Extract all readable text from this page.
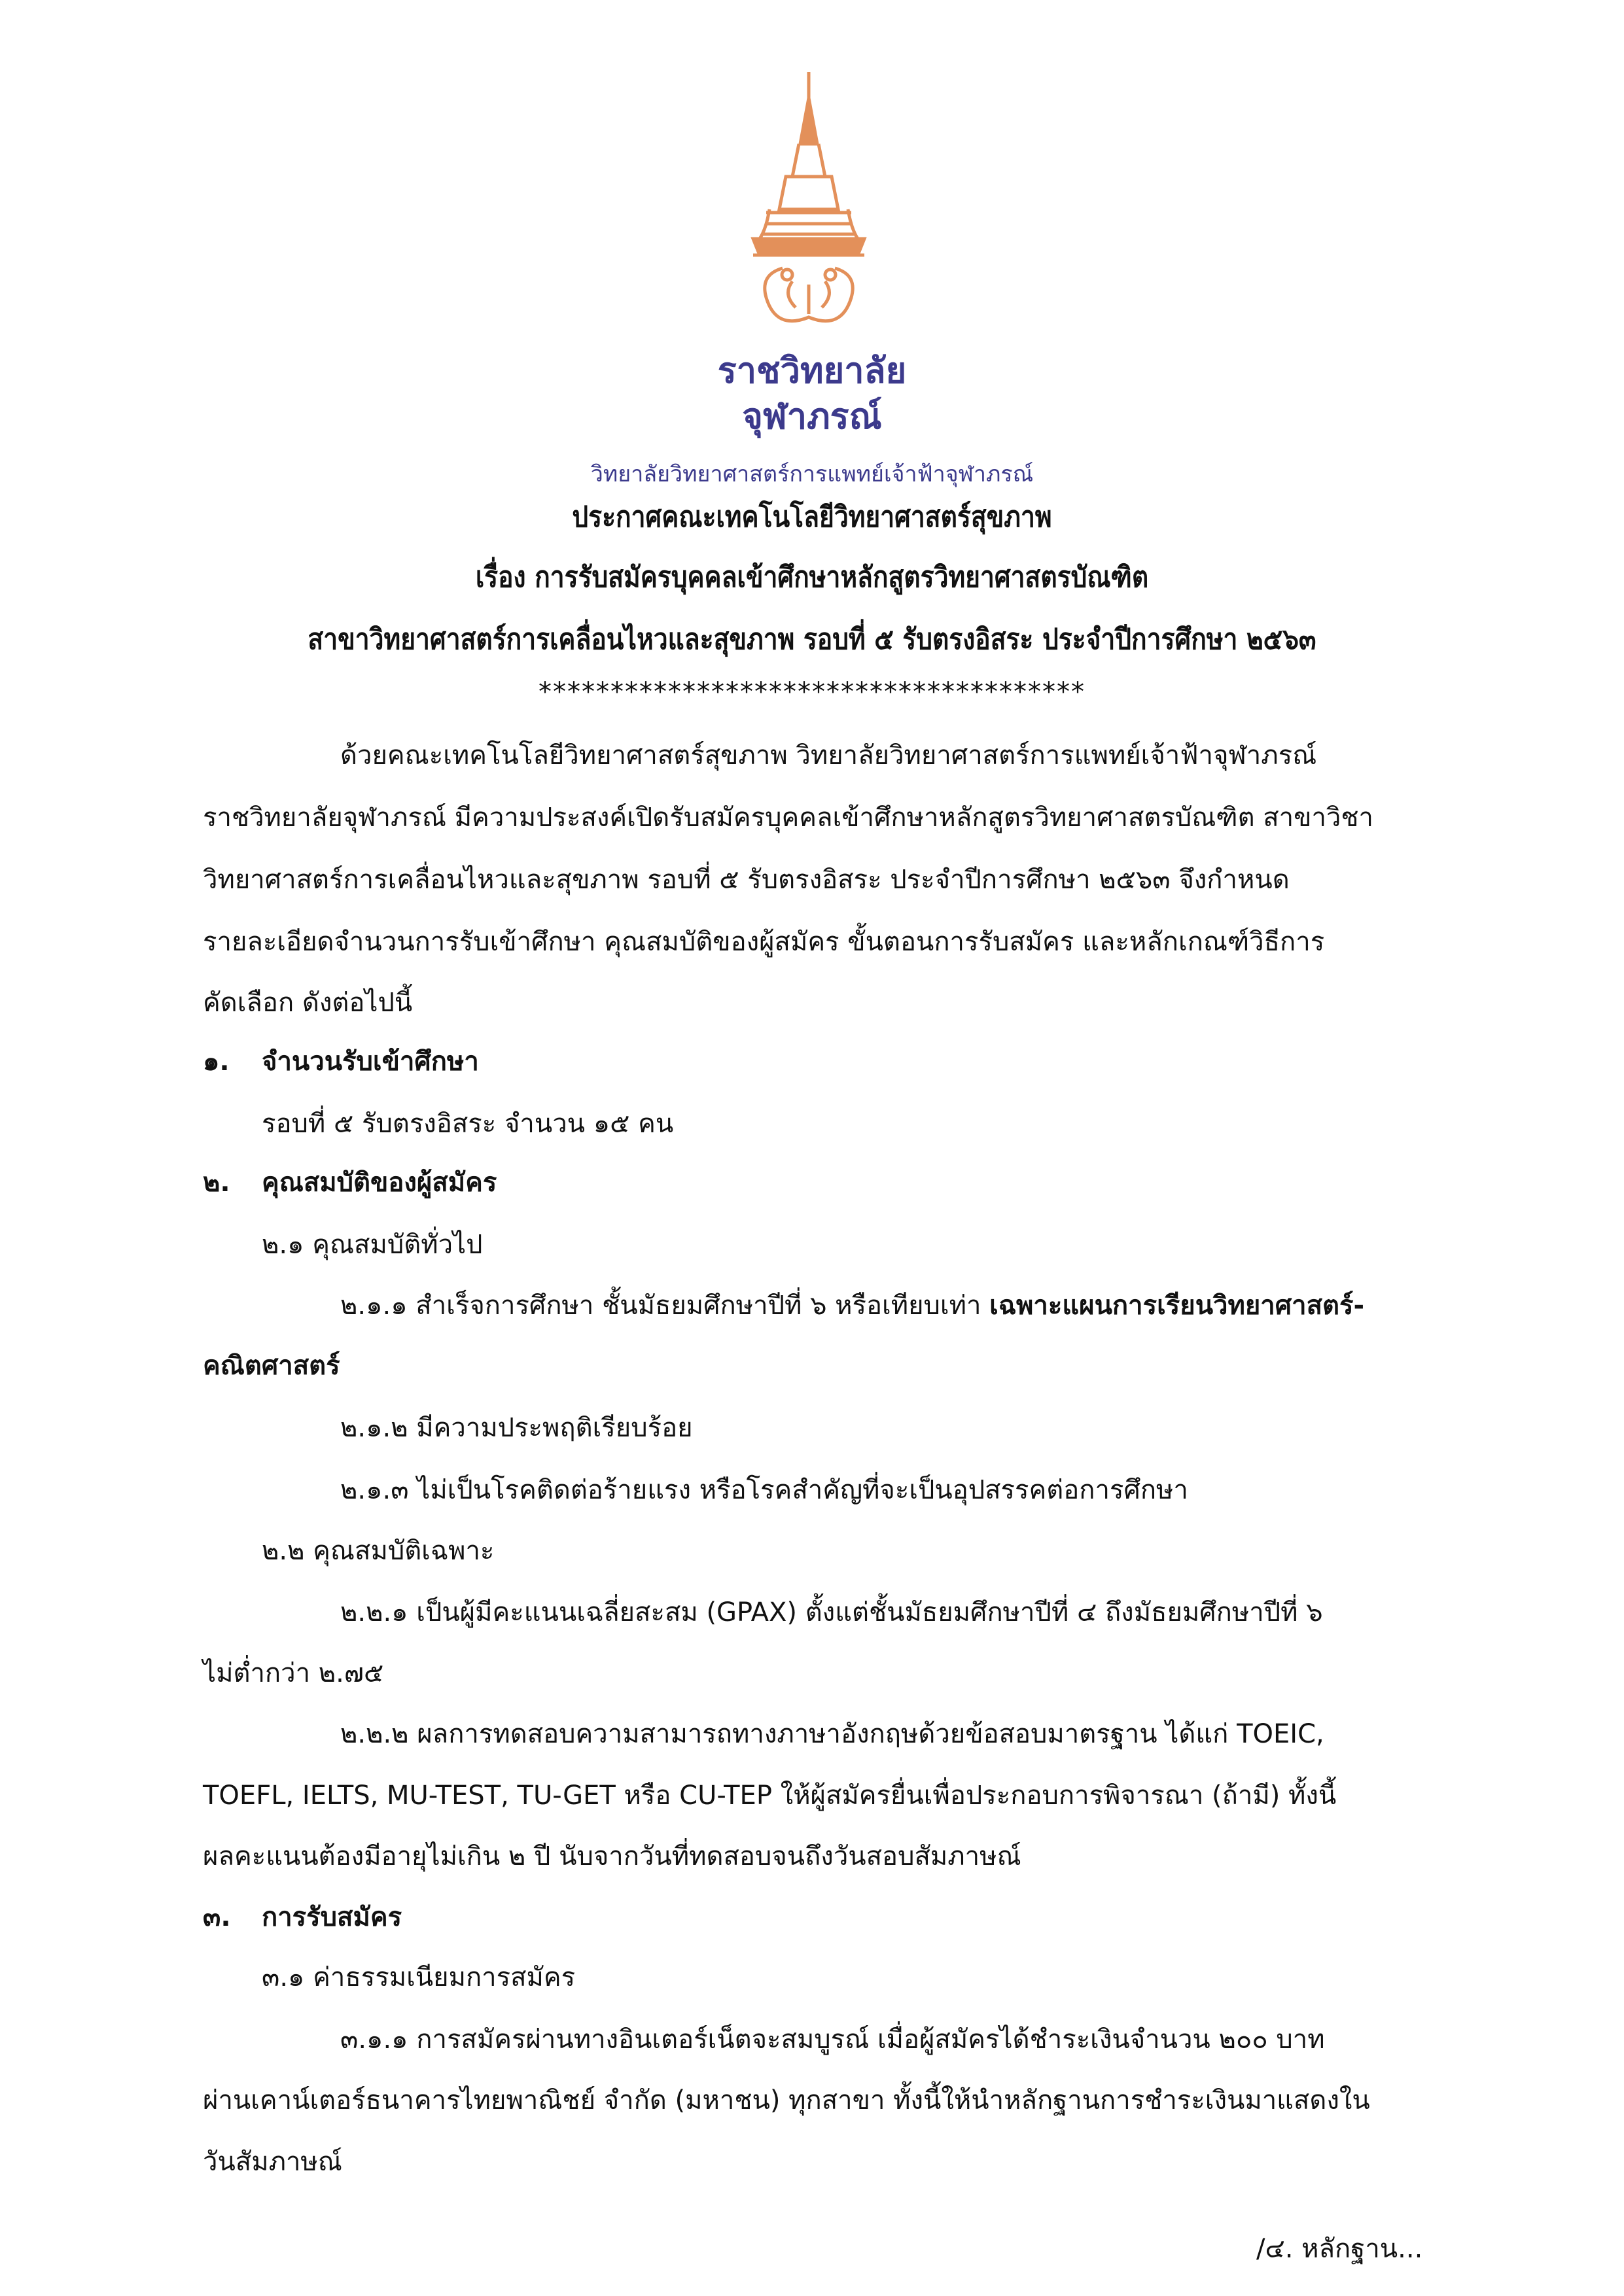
ราชวิทยาลัย
จุฬาภรณ์
วิทยาลัยวิทยาศาสตร์การแพทย์เจ้าฟ้าจุฬาภรณ์
ประกาศคณะเทคโนโลยีวิทยาศาสตร์สุขภาพ
เรื่อง การรับสมัครบุคคลเข้าศึกษาหลักสูตรวิทยาศาสตรบัณฑิต
สาขาวิทยาศาสตร์การเคลื่อนไหวและสุขภาพ รอบที่ ๕ รับตรงอิสระ ประจำปีการศึกษา ๒๕๖๓
**************************************
ด้วยคณะเทคโนโลยีวิทยาศาสตร์สุขภาพ วิทยาลัยวิทยาศาสตร์การแพทย์เจ้าฟ้าจุฬาภรณ์
ราชวิทยาลัยจุฬาภรณ์ มีความประสงค์เปิดรับสมัครบุคคลเข้าศึกษาหลักสูตรวิทยาศาสตรบัณฑิต สาขาวิชา
วิทยาศาสตร์การเคลื่อนไหวและสุขภาพ รอบที่ ๕ รับตรงอิสระ ประจำปีการศึกษา ๒๕๖๓ จึงกำหนด
รายละเอียดจำนวนการรับเข้าศึกษา คุณสมบัติของผู้สมัคร ขั้นตอนการรับสมัคร และหลักเกณฑ์วิธีการ
คัดเลือก ดังต่อไปนี้
๑. จำนวนรับเข้าศึกษา
รอบที่ ๕ รับตรงอิสระ จำนวน ๑๕ คน
๒. คุณสมบัติของผู้สมัคร
๒.๑ คุณสมบัติทั่วไป
๒.๑.๑ สำเร็จการศึกษา ชั้นมัธยมศึกษาปีที่ ๖ หรือเทียบเท่า เฉพาะแผนการเรียนวิทยาศาสตร์-
คณิตศาสตร์
๒.๑.๒ มีความประพฤติเรียบร้อย
๒.๑.๓ ไม่เป็นโรคติดต่อร้ายแรง หรือโรคสำคัญที่จะเป็นอุปสรรคต่อการศึกษา
๒.๒ คุณสมบัติเฉพาะ
๒.๒.๑ เป็นผู้มีคะแนนเฉลี่ยสะสม (GPAX) ตั้งแต่ชั้นมัธยมศึกษาปีที่ ๔ ถึงมัธยมศึกษาปีที่ ๖
ไม่ต่ำกว่า ๒.๗๕
๒.๒.๒ ผลการทดสอบความสามารถทางภาษาอังกฤษด้วยข้อสอบมาตรฐาน ได้แก่ TOEIC,
TOEFL, IELTS, MU-TEST, TU-GET หรือ CU-TEP ให้ผู้สมัครยื่นเพื่อประกอบการพิจารณา (ถ้ามี) ทั้งนี้
ผลคะแนนต้องมีอายุไม่เกิน ๒ ปี นับจากวันที่ทดสอบจนถึงวันสอบสัมภาษณ์
๓. การรับสมัคร
๓.๑ ค่าธรรมเนียมการสมัคร
๓.๑.๑ การสมัครผ่านทางอินเตอร์เน็ตจะสมบูรณ์ เมื่อผู้สมัครได้ชำระเงินจำนวน ๒๐๐ บาท
ผ่านเคาน์เตอร์ธนาคารไทยพาณิชย์ จำกัด (มหาชน) ทุกสาขา ทั้งนี้ให้นำหลักฐานการชำระเงินมาแสดงใน
วันสัมภาษณ์
/๔. หลักฐาน...
